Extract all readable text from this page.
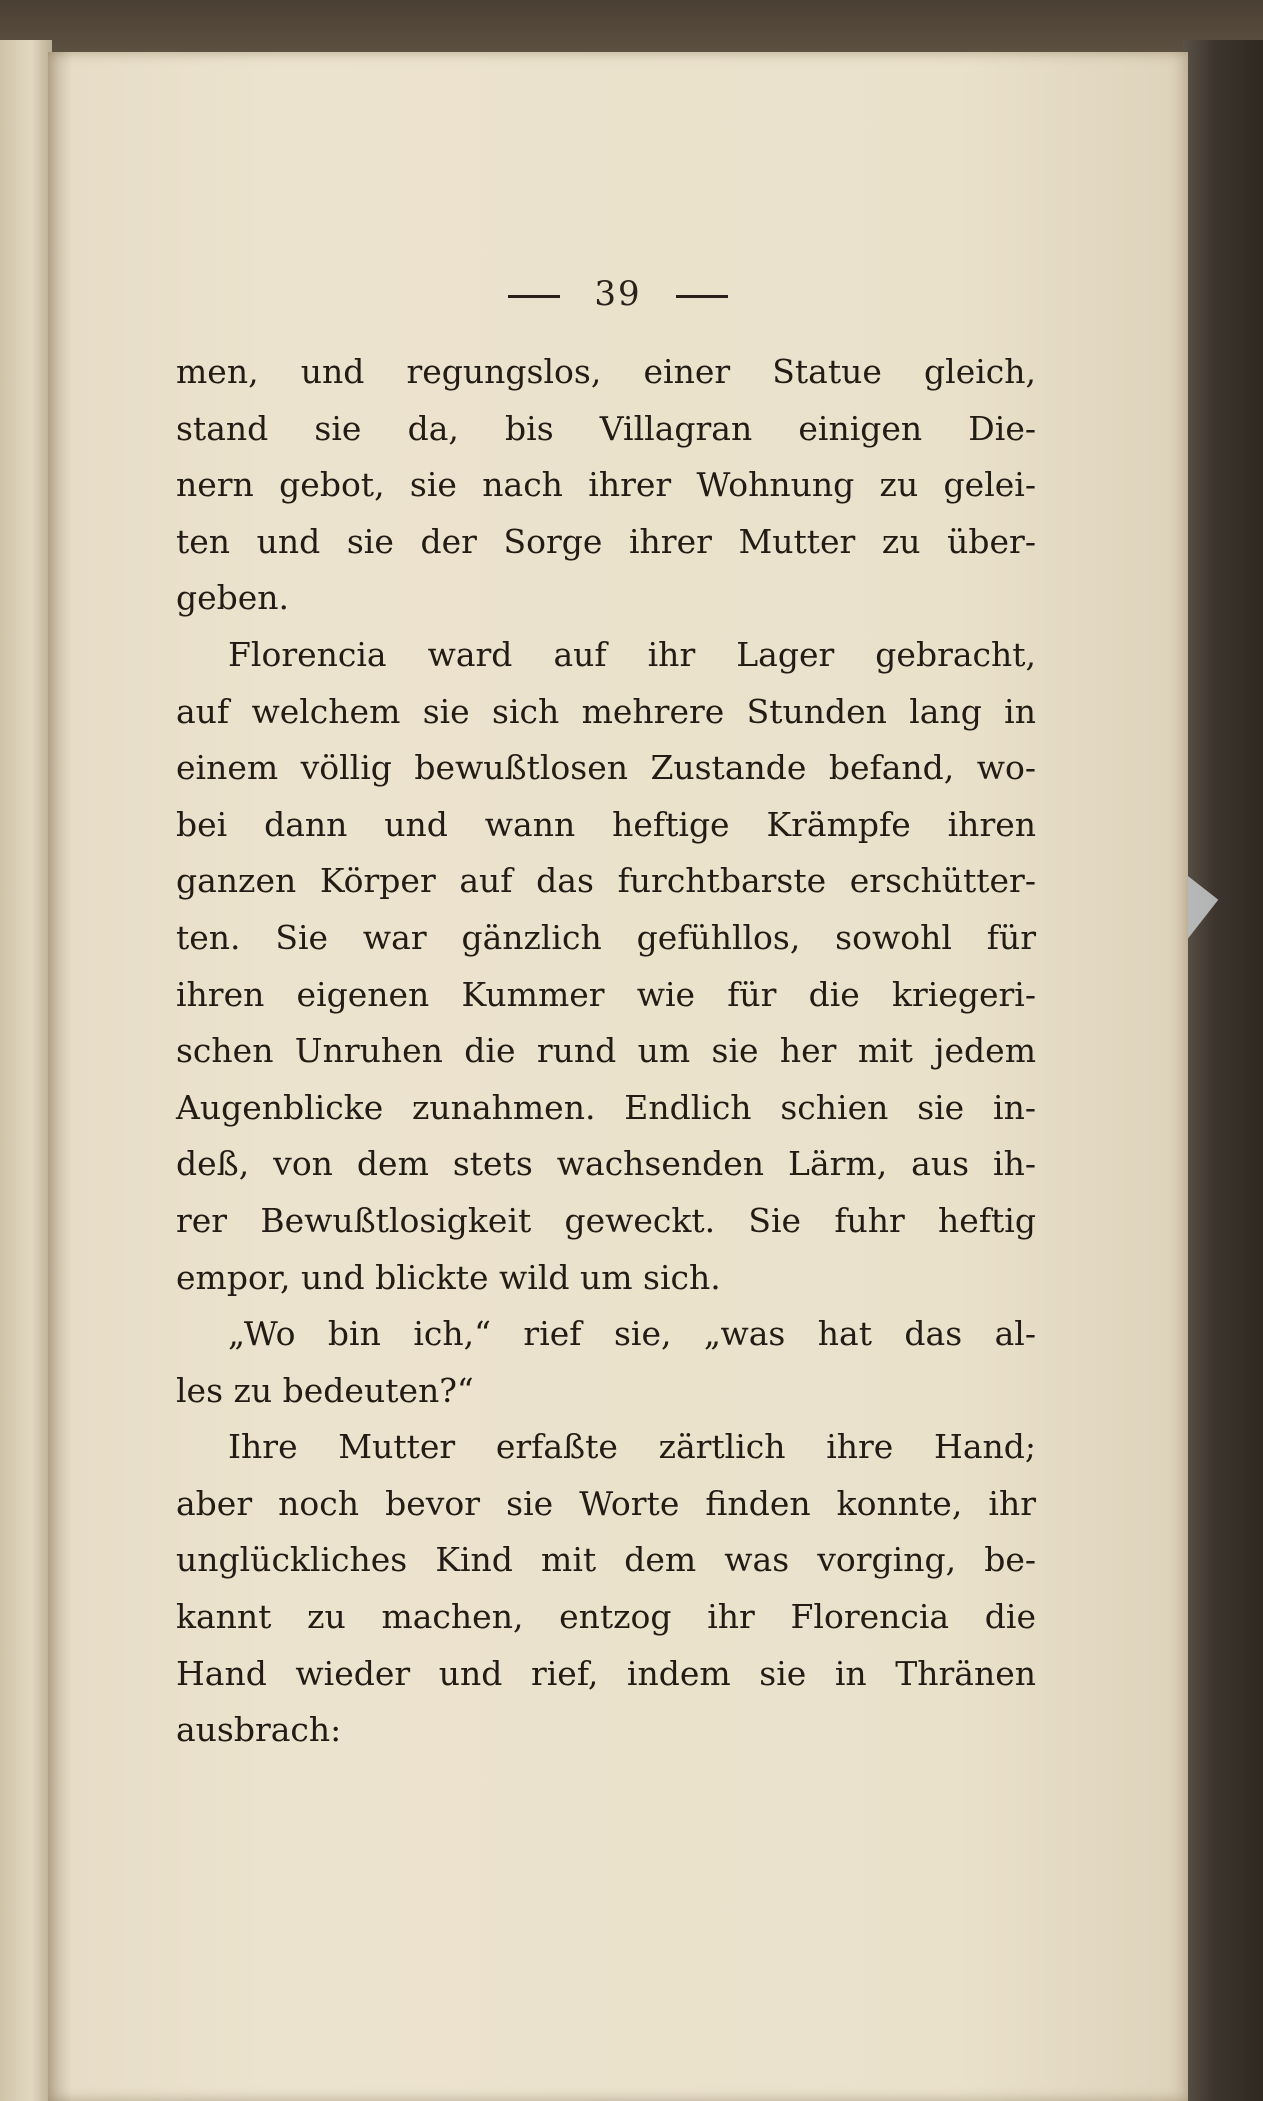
39
men, und regungslos, einer Statue gleich,
stand sie da, bis Villagran einigen Die-
nern gebot, sie nach ihrer Wohnung zu gelei-
ten und sie der Sorge ihrer Mutter zu über-
geben.
Florencia ward auf ihr Lager gebracht,
auf welchem sie sich mehrere Stunden lang in
einem völlig bewußtlosen Zustande befand, wo-
bei dann und wann heftige Krämpfe ihren
ganzen Körper auf das furchtbarste erschütter-
ten. Sie war gänzlich gefühllos, sowohl für
ihren eigenen Kummer wie für die kriegeri-
schen Unruhen die rund um sie her mit jedem
Augenblicke zunahmen. Endlich schien sie in-
deß, von dem stets wachsenden Lärm, aus ih-
rer Bewußtlosigkeit geweckt. Sie fuhr heftig
empor, und blickte wild um sich.
„Wo bin ich,“ rief sie, „was hat das al-
les zu bedeuten?“
Ihre Mutter erfaßte zärtlich ihre Hand;
aber noch bevor sie Worte finden konnte, ihr
unglückliches Kind mit dem was vorging, be-
kannt zu machen, entzog ihr Florencia die
Hand wieder und rief, indem sie in Thränen
ausbrach:
